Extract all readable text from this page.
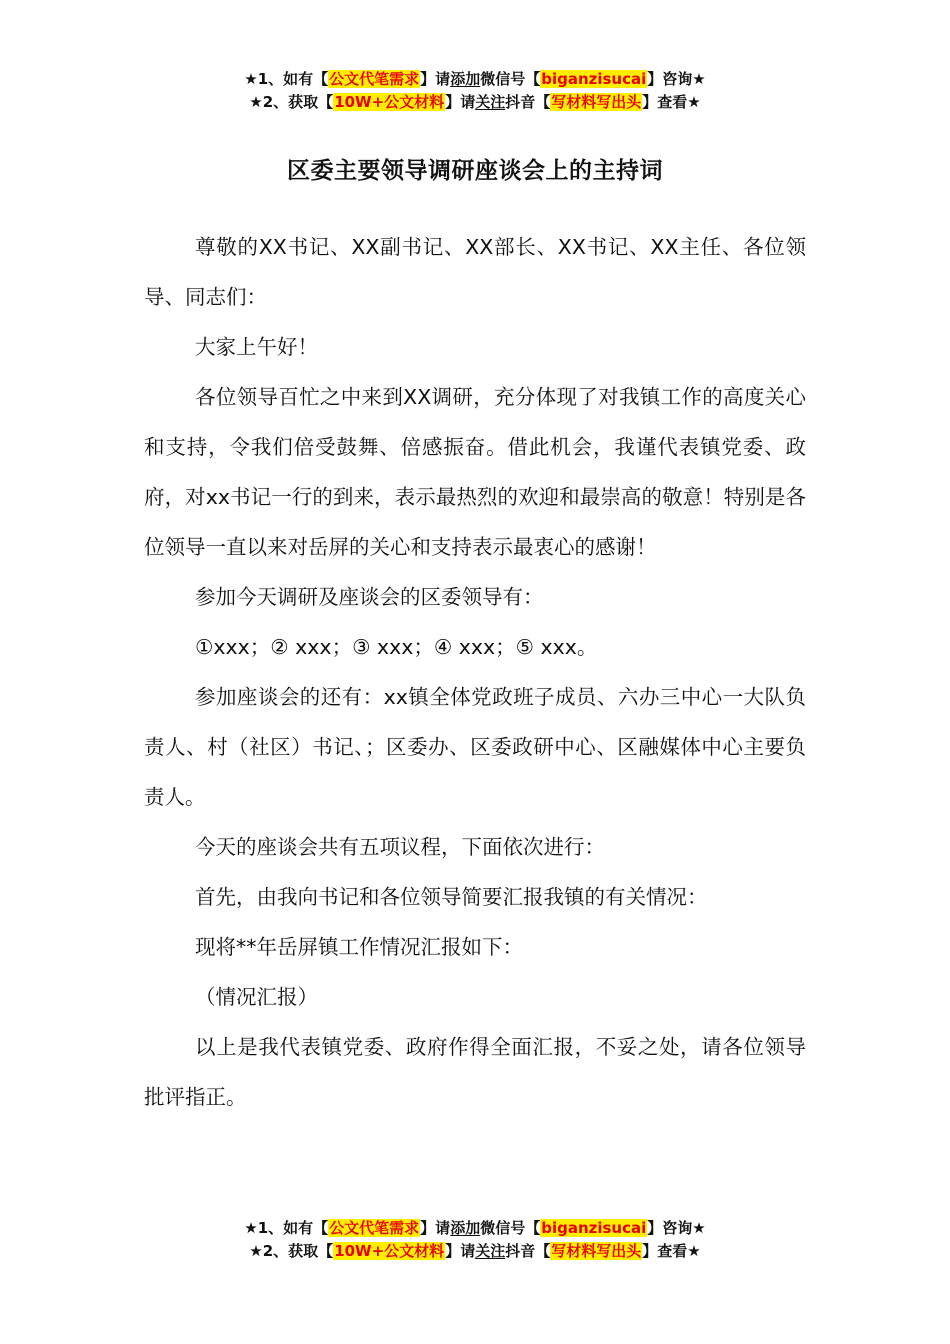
★1、如有【公文代笔需求】请添加微信号【biganzisucai】咨询★
★2、获取【10W+公文材料】请关注抖音【写材料写出头】查看★
区委主要领导调研座谈会上的主持词

尊敬的XX书记、XX副书记、XX部长、XX书记、XX主任、各位领导、同志们：

大家上午好！

各位领导百忙之中来到XX调研，充分体现了对我镇工作的高度关心和支持，令我们倍受鼓舞、倍感振奋。借此机会，我谨代表镇党委、政府，对xx书记一行的到来，表示最热烈的欢迎和最崇高的敬意！特别是各位领导一直以来对岳屏的关心和支持表示最衷心的感谢！

参加今天调研及座谈会的区委领导有：

①xxx；② xxx；③ xxx；④ xxx；⑤ xxx。

参加座谈会的还有：xx镇全体党政班子成员、六办三中心一大队负责人、村（社区）书记、；区委办、区委政研中心、区融媒体中心主要负责人。

今天的座谈会共有五项议程，下面依次进行：

首先，由我向书记和各位领导简要汇报我镇的有关情况：

现将**年岳屏镇工作情况汇报如下：

（情况汇报）

以上是我代表镇党委、政府作得全面汇报，不妥之处，请各位领导批评指正。

★1、如有【公文代笔需求】请添加微信号【biganzisucai】咨询★
★2、获取【10W+公文材料】请关注抖音【写材料写出头】查看★
